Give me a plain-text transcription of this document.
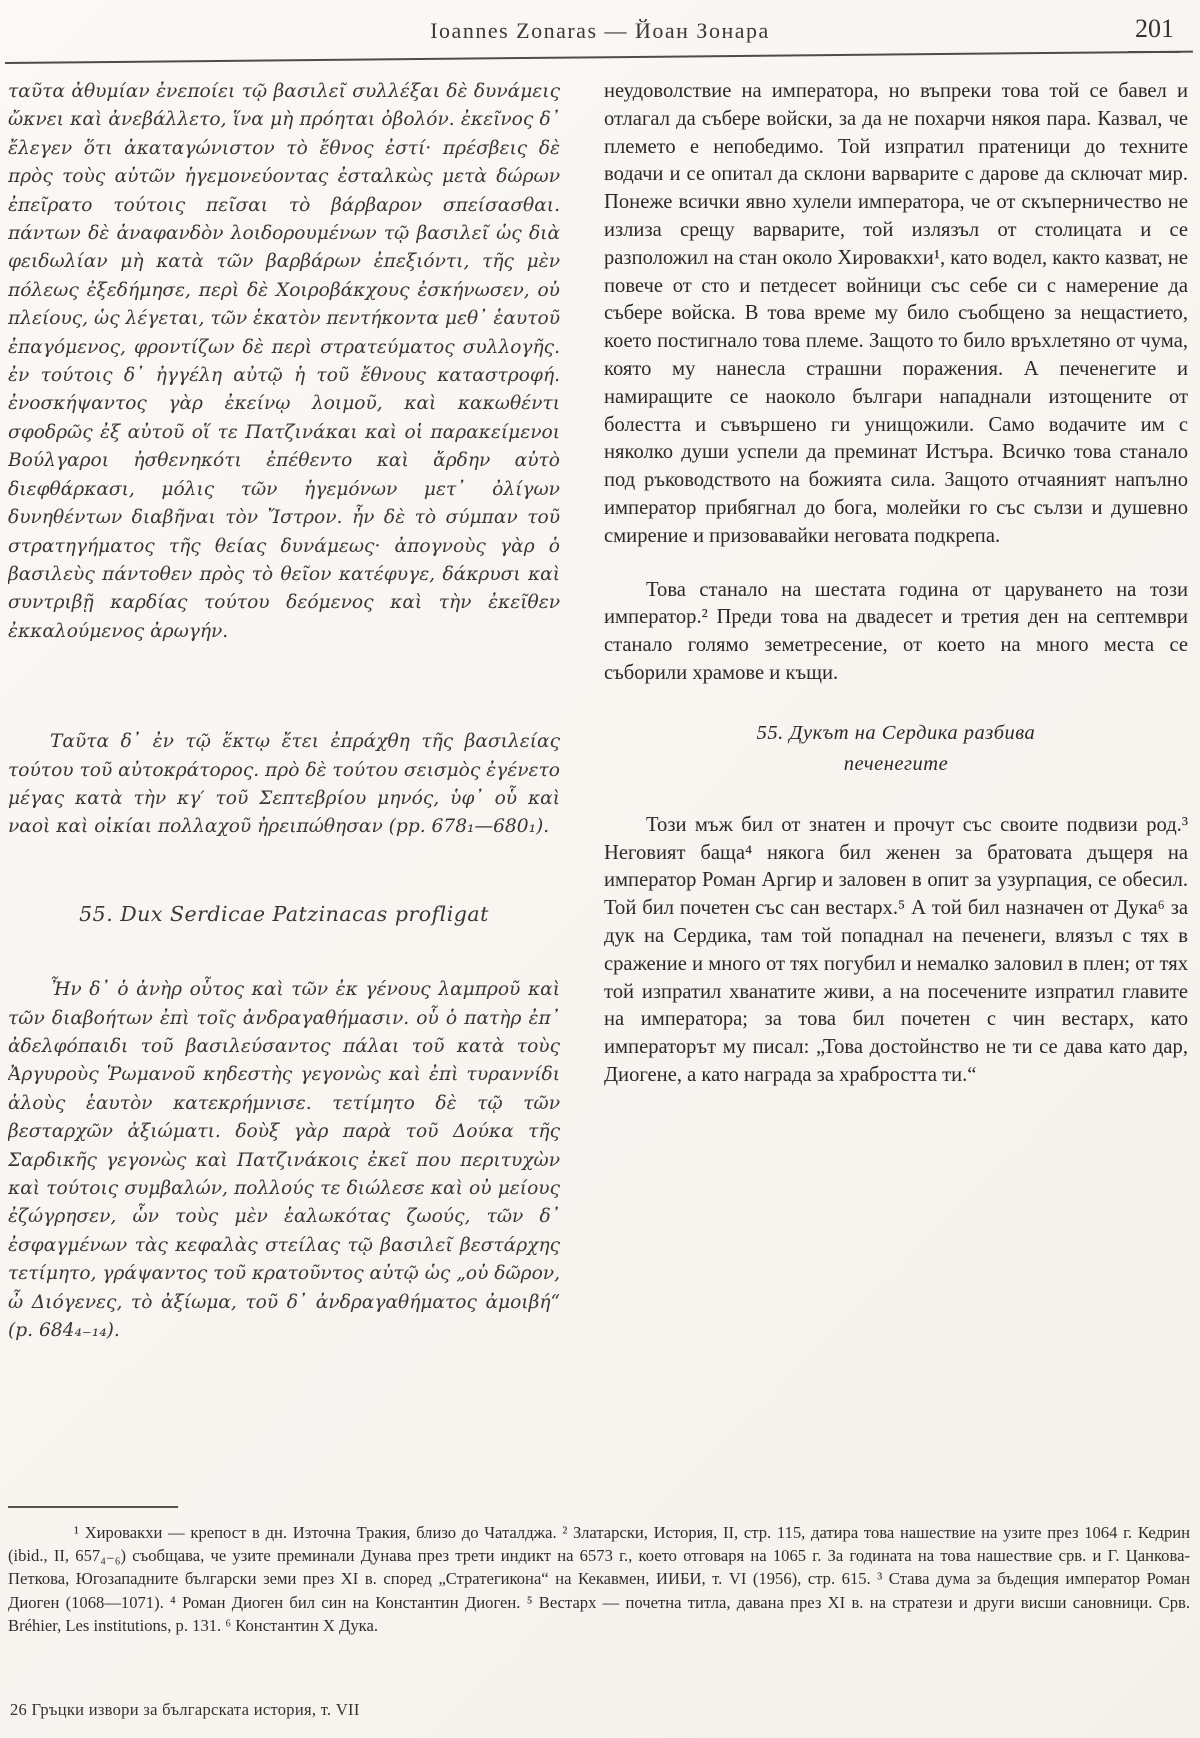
Ioannes Zonaras — Йоан Зонара	201

ταῦτα ἀθυμίαν ἐνεποίει τῷ βασιλεῖ συλλέξαι δὲ δυνάμεις ὤκνει καὶ ἀνεβάλλετο, ἵνα μὴ πρόηται ὀβολόν. ἐκεῖνος δ᾽ ἔλεγεν ὅτι ἀκαταγώνιστον τὸ ἔθνος ἐστί· πρέσβεις δὲ πρὸς τοὺς αὐτῶν ἡγεμονεύοντας ἐσταλκὼς μετὰ δώρων ἐπεῖρατο τούτοις πεῖσαι τὸ βάρβαρον σπείσασθαι. πάντων δὲ ἀναφανδὸν λοιδορουμένων τῷ βασιλεῖ ὡς διὰ φειδωλίαν μὴ κατὰ τῶν βαρβάρων ἐπεξιόντι, τῆς μὲν πόλεως ἐξεδήμησε, περὶ δὲ Χοιροβάκχους ἐσκήνωσεν, οὐ πλείους, ὡς λέγεται, τῶν ἑκατὸν πεντήκοντα μεθ᾽ ἑαυτοῦ ἐπαγόμενος, φροντίζων δὲ περὶ στρατεύματος συλλογῆς. ἐν τούτοις δ᾽ ἠγγέλη αὐτῷ ἡ τοῦ ἔθνους καταστροφή. ἐνοσκήψαντος γὰρ ἐκείνῳ λοιμοῦ, καὶ κακωθέντι σφοδρῶς ἐξ αὐτοῦ οἵ τε Πατζινάκαι καὶ οἱ παρακείμενοι Βούλγαροι ἠσθενηκότι ἐπέθεντο καὶ ἄρδην αὐτὸ διεφθάρκασι, μόλις τῶν ἡγεμόνων μετ᾽ ὀλίγων δυνηθέντων διαβῆναι τὸν Ἴστρον. ἦν δὲ τὸ σύμπαν τοῦ στρατηγήματος τῆς θείας δυνάμεως· ἀπογνοὺς γὰρ ὁ βασιλεὺς πάντοθεν πρὸς τὸ θεῖον κατέφυγε, δάκρυσι καὶ συντριβῇ καρδίας τούτου δεόμενος καὶ τὴν ἐκεῖθεν ἐκκαλούμενος ἀρωγήν.

Ταῦτα δ᾽ ἐν τῷ ἕκτῳ ἔτει ἐπράχθη τῆς βασιλείας τούτου τοῦ αὐτοκράτορος. πρὸ δὲ τούτου σεισμὸς ἐγένετο μέγας κατὰ τὴν κγ′ τοῦ Σεπτεβρίου μηνός, ὑφ᾽ οὗ καὶ ναοὶ καὶ οἰκίαι πολλαχοῦ ἠρειπώθησαν (pp. 678₁—680₁).

55. Dux Serdicae Patzinacas profligat

Ἦν δ᾽ ὁ ἀνὴρ οὗτος καὶ τῶν ἐκ γένους λαμπροῦ καὶ τῶν διαβοήτων ἐπὶ τοῖς ἀνδραγαθήμασιν. οὗ ὁ πατὴρ ἐπ᾽ ἀδελφόπαιδι τοῦ βασιλεύσαντος πάλαι τοῦ κατὰ τοὺς Ἀργυροὺς Ῥωμανοῦ κηδεστὴς γεγονὼς καὶ ἐπὶ τυραννίδι ἁλοὺς ἑαυτὸν κατεκρήμνισε. τετίμητο δὲ τῷ τῶν βεσταρχῶν ἀξιώματι. δοὺξ γὰρ παρὰ τοῦ Δούκα τῆς Σαρδικῆς γεγονὼς καὶ Πατζινάκοις ἐκεῖ που περιτυχὼν καὶ τούτοις συμβαλών, πολλούς τε διώλεσε καὶ οὐ μείους ἐζώγρησεν, ὧν τοὺς μὲν ἑαλωκότας ζωούς, τῶν δ᾽ ἐσφαγμένων τὰς κεφαλὰς στείλας τῷ βασιλεῖ βεστάρχης τετίμητο, γράψαντος τοῦ κρατοῦντος αὐτῷ ὡς „οὐ δῶρον, ὦ Διόγενες, τὸ ἀξίωμα, τοῦ δ᾽ ἀνδραγαθήματος ἀμοιβή“ (p. 684₄₋₁₄).

неудоволствие на императора, но въпреки това той се бавел и отлагал да събере войски, за да не похарчи някоя пара. Казвал, че племето е непобедимо. Той изпратил пратеници до техните водачи и се опитал да склони варварите с дарове да сключат мир. Понеже всички явно хулели императора, че от скъперничество не излиза срещу варварите, той излязъл от столицата и се разположил на стан около Хировакхи¹, като водел, както казват, не повече от сто и петдесет войници със себе си с намерение да събере войска. В това време му било съобщено за нещастието, което постигнало това племе. Защото то било връхлетяно от чума, която му нанесла страшни поражения. А печенегите и намиращите се наоколо българи нападнали изтощените от болестта и съвършено ги унищожили. Само водачите им с няколко души успели да преминат Истъра. Всичко това станало под ръководството на божията сила. Защото отчаяният напълно император прибягнал до бога, молейки го със сълзи и душевно смирение и призовавайки неговата подкрепа.

Това станало на шестата година от царуването на този император.² Преди това на двадесет и третия ден на септември станало голямо земетресение, от което на много места се съборили храмове и къщи.

55. Дукът на Сердика разбива
печенегите

Този мъж бил от знатен и прочут със своите подвизи род.³ Неговият баща⁴ някога бил женен за братовата дъщеря на император Роман Аргир и заловен в опит за узурпация, се обесил. Той бил почетен със сан вестарх.⁵ А той бил назначен от Дука⁶ за дук на Сердика, там той попаднал на печенеги, влязъл с тях в сражение и много от тях погубил и немалко заловил в плен; от тях той изпратил хванатите живи, а на посечените изпратил главите на императора; за това бил почетен с чин вестарх, като императорът му писал: „Това достойнство не ти се дава като дар, Диогене, а като награда за храбростта ти.“

¹ Хировакхи — крепост в дн. Източна Тракия, близо до Чаталджа. ² Златарски, История, II, стр. 115, датира това нашествие на узите през 1064 г. Кедрин (ibid., II, 657₄₋₆) съобщава, че узите преминали Дунава през трети индикт на 6573 г., което отговаря на 1065 г. За годината на това нашествие срв. и Г. Цанкова-Петкова, Югозападните български земи през XI в. според „Стратегикона“ на Кекавмен, ИИБИ, т. VI (1956), стр. 615. ³ Става дума за бъдещия император Роман Диоген (1068—1071). ⁴ Роман Диоген бил син на Константин Диоген. ⁵ Вестарх — почетна титла, давана през XI в. на стратези и други висши сановници. Срв. Bréhier, Les institutions, p. 131. ⁶ Константин X Дука.

26 Гръцки извори за българската история, т. VII
